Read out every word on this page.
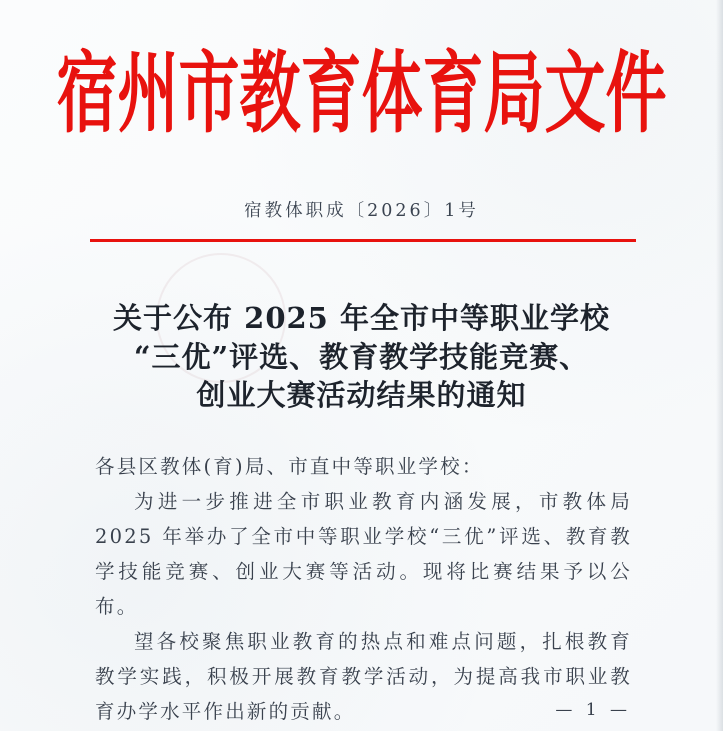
宿州市教育体育局文件
宿教体职成〔2026〕1号
关于公布 2025 年全市中等职业学校
“三优”评选、教育教学技能竞赛、
创业大赛活动结果的通知

各县区教体(育)局、市直中等职业学校：

为进一步推进全市职业教育内涵发展，市教体局 2025 年举办了全市中等职业学校“三优”评选、教育教学技能竞赛、创业大赛等活动。现将比赛结果予以公布。

望各校聚焦职业教育的热点和难点问题，扎根教育教学实践，积极开展教育教学活动，为提高我市职业教育办学水平作出新的贡献。	— 1 —
